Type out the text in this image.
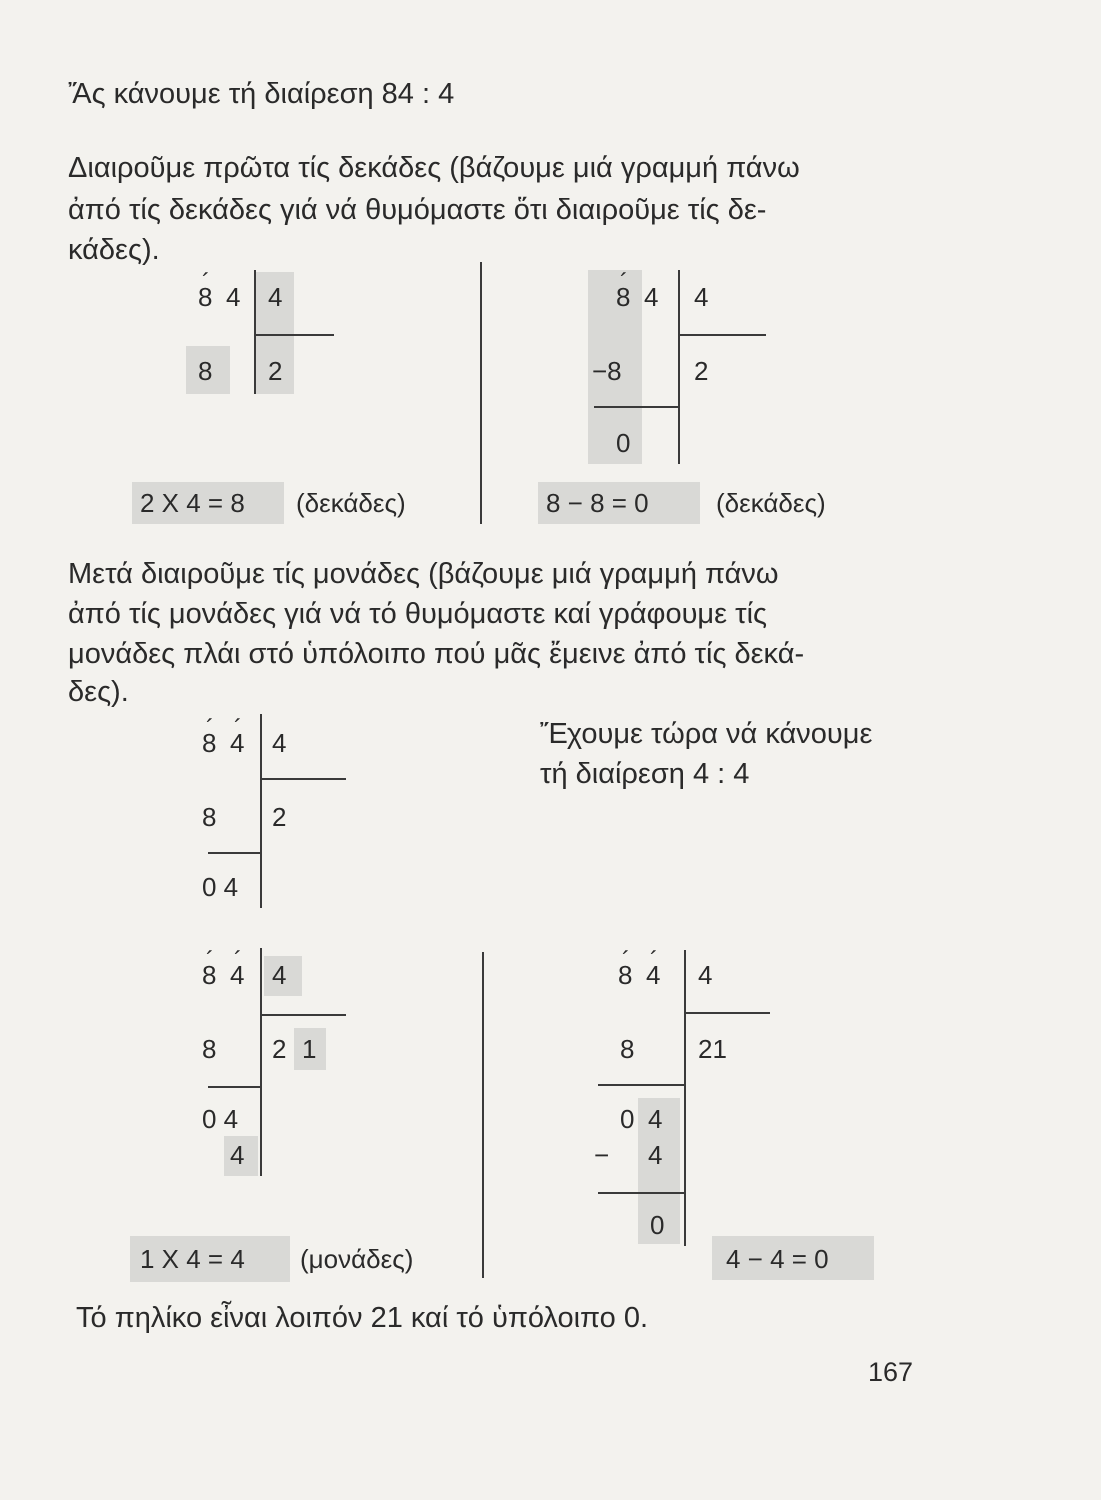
Ἄς κάνουμε τή διαίρεση 84 : 4
Διαιροῦμε πρῶτα τίς δεκάδες (βάζουμε μιά γραμμή πάνω
ἀπό τίς δεκάδες γιά νά θυμόμαστε ὅτι διαιροῦμε τίς δε-
κάδες).
8 ´ 4 4
8 2
8 ´ 4 4
−8	2
0
2 X 4 = 8 (δεκάδες)	8 − 8 = 0	(δεκάδες)
Μετά διαιροῦμε τίς μονάδες (βάζουμε μιά γραμμή πάνω
ἀπό τίς μονάδες γιά νά τό θυμόμαστε καί γράφουμε τίς
μονάδες πλάι στό ὑπόλοιπο πού μᾶς ἔμεινε ἀπό τίς δεκά-
δες).
8 ´ 4 ´ 4
8 2
0 4
Ἔχουμε τώρα νά κάνουμε
τή διαίρεση 4 : 4
8 ´ 4 ´ 4
8 2 1
0 4
4
8 ´ 4 ´ 4
8 21
0 4
− 4
0
1 X 4 = 4 (μονάδες)	4 − 4 = 0
Τό πηλίκο εἶναι λοιπόν 21 καί τό ὑπόλοιπο 0.
167
